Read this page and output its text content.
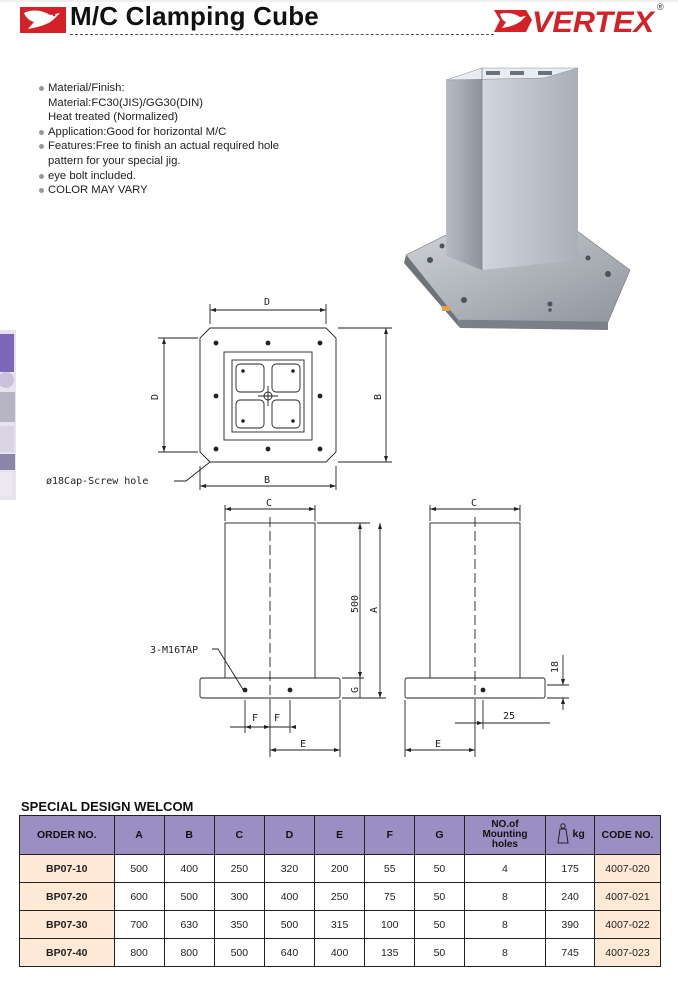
M/C Clamping Cube	VERTEX ®
Material/Finish:
Material:FC30(JIS)/GG30(DIN)
Heat treated (Normalized)
Application:Good for horizontal M/C
Features:Free to finish an actual required hole
pattern for your special jig.
eye bolt included.
COLOR MAY VARY
D
D	B
B
ø18Cap-Screw hole
C
500 A
G
F F
E
3-M16TAP
C
18
25
E
SPECIAL DESIGN WELCOM
ORDER NO.	A	B	C	D	E	F	G	NO.of
Mounting
holes	kg	CODE NO.
BP07-10	500	400	250	320	200	55	50	4	175	4007-020
BP07-20	600	500	300	400	250	75	50	8	240	4007-021
BP07-30	700	630	350	500	315	100	50	8	390	4007-022
BP07-40	800	800	500	640	400	135	50	8	745	4007-023
